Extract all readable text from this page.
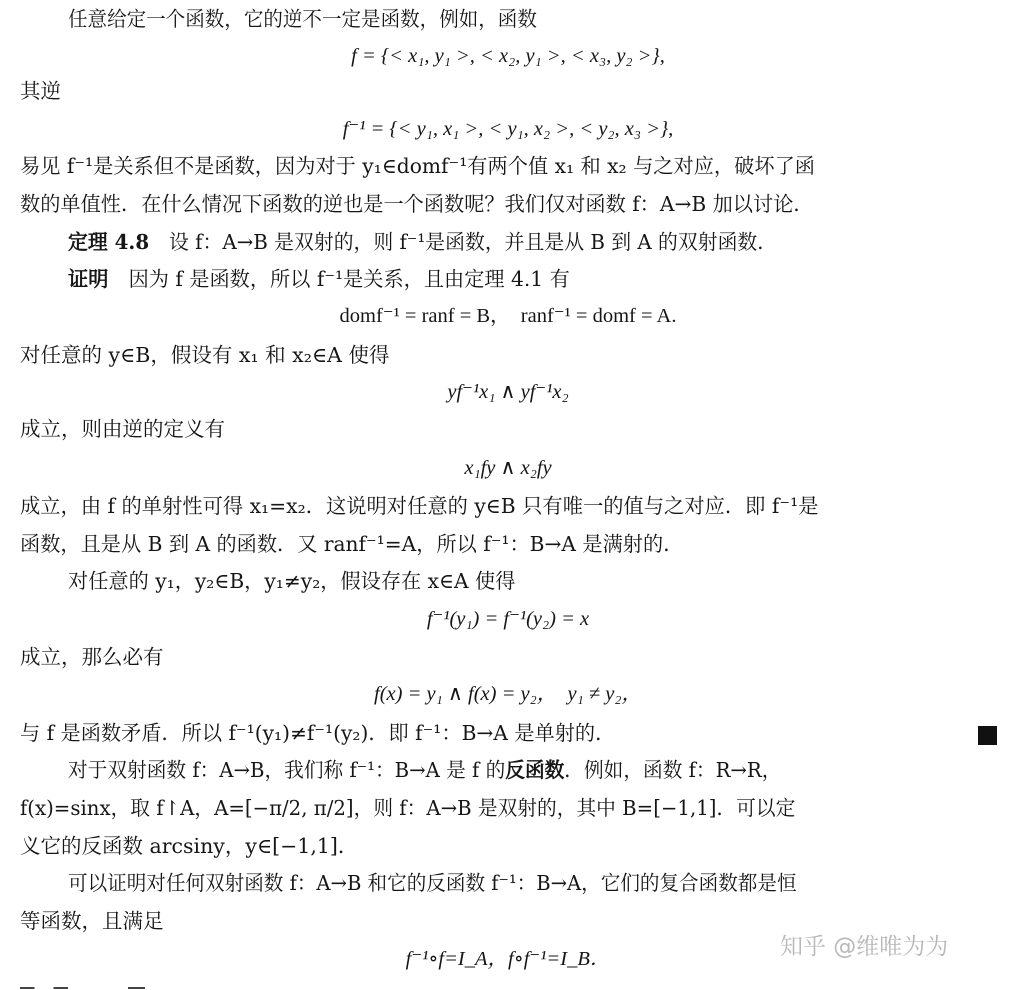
任意给定一个函数，它的逆不一定是函数，例如，函数
f = {< x₁, y₁ >, < x₂, y₁ >, < x₃, y₂ >},
其逆
f⁻¹ = {< y₁, x₁ >, < y₁, x₂ >, < y₂, x₃ >},
易见 f⁻¹是关系但不是函数，因为对于 y₁∈domf⁻¹有两个值 x₁ 和 x₂ 与之对应，破坏了函
数的单值性．在什么情况下函数的逆也是一个函数呢？我们仅对函数 f：A→B 加以讨论．
定理 4.8　设 f：A→B 是双射的，则 f⁻¹是函数，并且是从 B 到 A 的双射函数．
证明　因为 f 是函数，所以 f⁻¹是关系，且由定理 4.1 有
domf⁻¹ = ranf = B，　ranf⁻¹ = domf = A.
对任意的 y∈B，假设有 x₁ 和 x₂∈A 使得
yf⁻¹x₁ ∧ yf⁻¹x₂
成立，则由逆的定义有
x₁fy ∧ x₂fy
成立，由 f 的单射性可得 x₁=x₂．这说明对任意的 y∈B 只有唯一的值与之对应．即 f⁻¹是
函数，且是从 B 到 A 的函数．又 ranf⁻¹=A，所以 f⁻¹：B→A 是满射的．
对任意的 y₁，y₂∈B，y₁≠y₂，假设存在 x∈A 使得
f⁻¹(y₁) = f⁻¹(y₂) = x
成立，那么必有
f(x) = y₁ ∧ f(x) = y₂，　y₁ ≠ y₂，
与 f 是函数矛盾．所以 f⁻¹(y₁)≠f⁻¹(y₂)．即 f⁻¹：B→A 是单射的．
对于双射函数 f：A→B，我们称 f⁻¹：B→A 是 f 的反函数．例如，函数 f：R→R，
f(x)=sinx，取 f↾A，A=[−π/2, π/2]，则 f：A→B 是双射的，其中 B=[−1,1]．可以定
义它的反函数 arcsiny，y∈[−1,1]．
可以证明对任何双射函数 f：A→B 和它的反函数 f⁻¹：B→A，它们的复合函数都是恒
等函数，且满足
f⁻¹∘f=I_A，f∘f⁻¹=I_B．	知乎 @维唯为为
